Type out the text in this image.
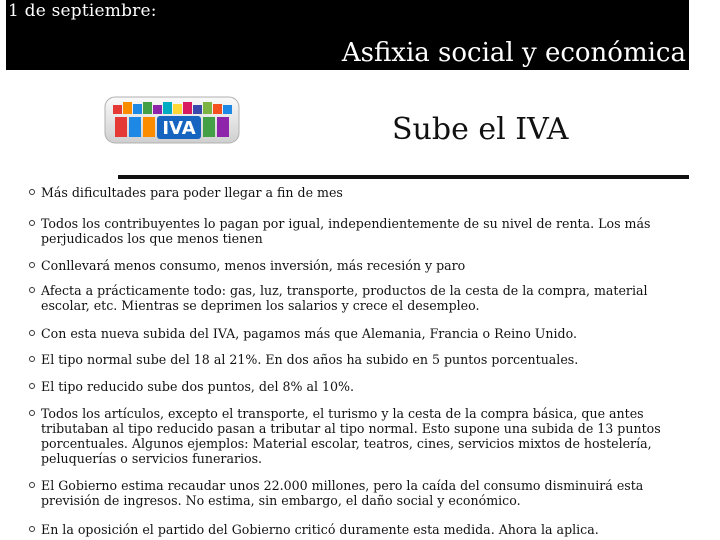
1 de septiembre:
Asfixia social y económica
IVA	Sube el IVA
Más dificultades para poder llegar a fin de mes
Todos los contribuyentes lo pagan por igual, independientemente de su nivel de renta. Los más perjudicados los que menos tienen
Conllevará menos consumo, menos inversión, más recesión y paro
Afecta a prácticamente todo: gas, luz, transporte, productos de la cesta de la compra, material escolar, etc. Mientras se deprimen los salarios y crece el desempleo.
Con esta nueva subida del IVA, pagamos más que Alemania, Francia o Reino Unido.
El tipo normal sube del 18 al 21%. En dos años ha subido en 5 puntos porcentuales.
El tipo reducido sube dos puntos, del 8% al 10%.
Todos los artículos, excepto el transporte, el turismo y la cesta de la compra básica, que antes tributaban al tipo reducido pasan a tributar al tipo normal. Esto supone una subida de 13 puntos porcentuales. Algunos ejemplos: Material escolar, teatros, cines, servicios mixtos de hostelería, peluquerías o servicios funerarios.
El Gobierno estima recaudar unos 22.000 millones, pero la caída del consumo disminuirá esta previsión de ingresos. No estima, sin embargo, el daño social y económico.
En la oposición el partido del Gobierno criticó duramente esta medida. Ahora la aplica.
